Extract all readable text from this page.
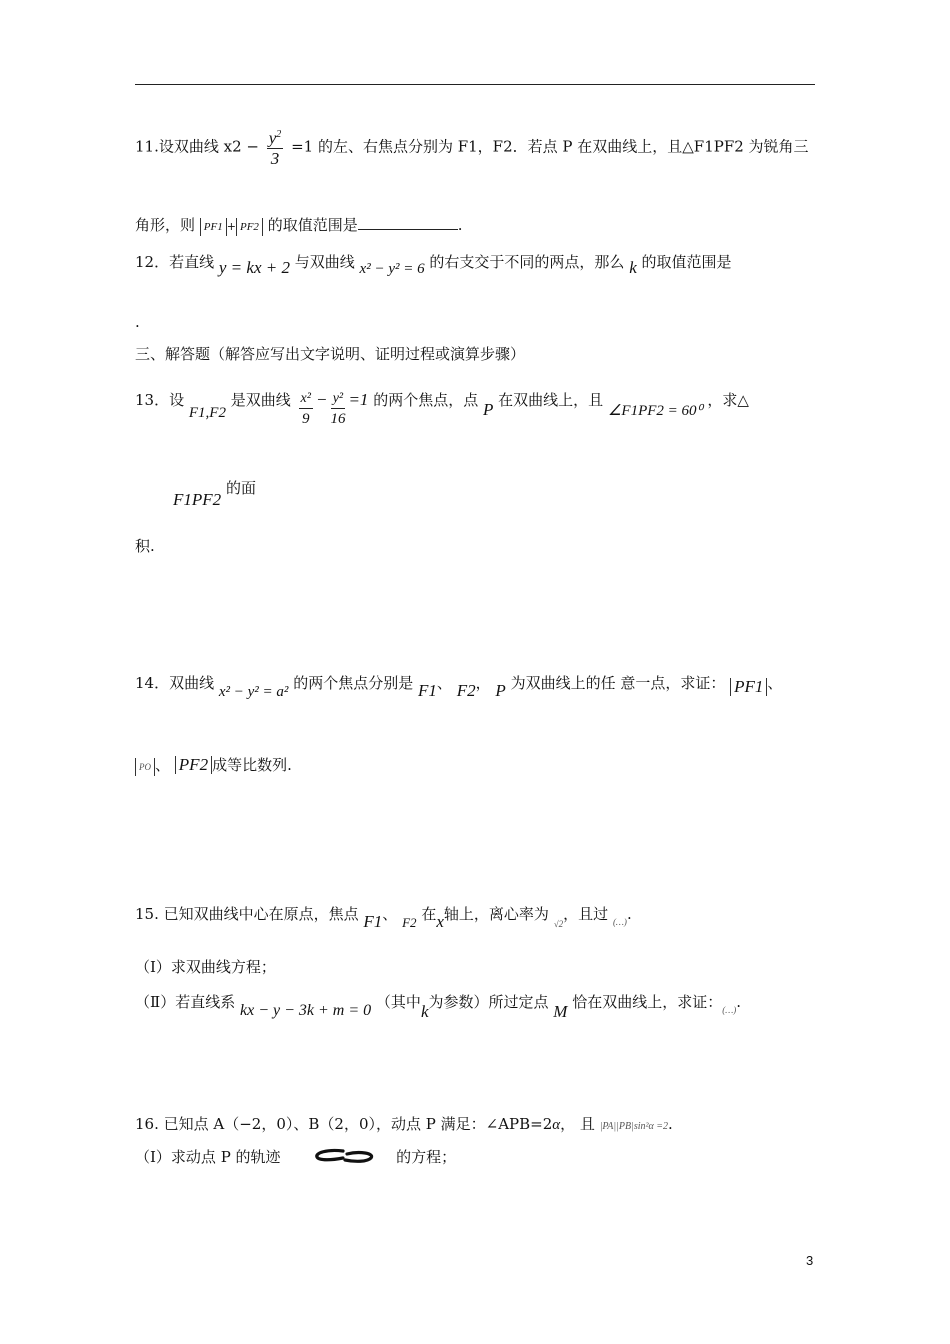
11.设双曲线 $x2 - \frac{y^2}{3} =1$ 的左、右焦点分别为 F1，F2．若点 P 在双曲线上，且△F1PF2 为锐角三
角形，则 PF1 + PF2 的取值范围是	.
12．若直线 y = kx + 2 与双曲线 x² − y² = 6 的右支交于不同的两点，那么 k 的取值范围是
.
三、解答题（解答应写出文字说明、证明过程或演算步骤）
13．设 F1,F2 是双曲线 $\frac{\text{x²}}{9} - \frac{\text{y²}}{16} =1$ 的两个焦点，点 P 在双曲线上，且 ∠F1PF2 = 60⁰ ，求△
F1PF2 的面
积.
14．双曲线 x² − y² = a² 的两个焦点分别是 F1、 F2， P 为双曲线上的任 意一点，求证： PF1 、
PO 、 PF2 成等比数列.
15. 已知双曲线中心在原点，焦点 F1、 F2 在x轴上，离心率为 $_{√2}$，且过 $_{(\dots)}$.
（Ⅰ）求双曲线方程；
（Ⅱ）若直线系 kx − y − 3k + m = 0 （其中k为参数）所过定点 M 恰在双曲线上，求证：$_{(\dots)}$.
16. 已知点 A（−2，0）、B（2，0），动点 P 满足：∠APB=2α， 且 |PA||PB|sin²α =2.
（Ⅰ）求动点 P 的轨迹	的方程；
3
